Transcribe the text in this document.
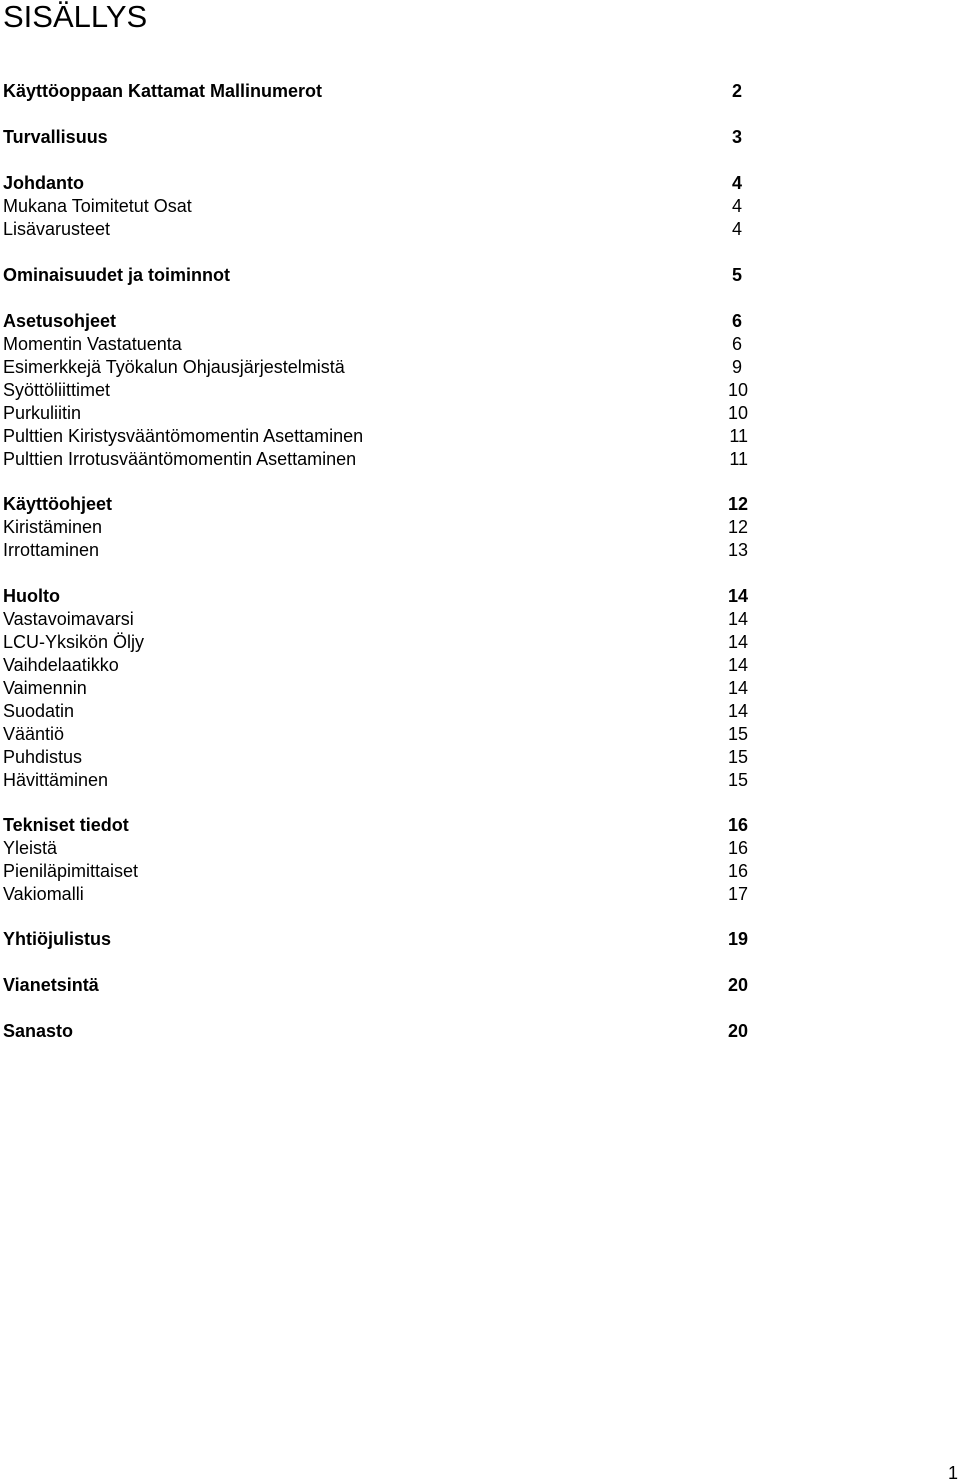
SISÄLLYS
Käyttöoppaan Kattamat Mallinumerot	2
Turvallisuus	3
Johdanto	4
Mukana Toimitetut Osat	4
Lisävarusteet	4
Ominaisuudet ja toiminnot	5
Asetusohjeet	6
Momentin Vastatuenta	6
Esimerkkejä Työkalun Ohjausjärjestelmistä	9
Syöttöliittimet	10
Purkuliitin	10
Pulttien Kiristysvääntömomentin Asettaminen	11
Pulttien Irrotusvääntömomentin Asettaminen	11
Käyttöohjeet	12
Kiristäminen	12
Irrottaminen	13
Huolto	14
Vastavoimavarsi	14
LCU-Yksikön Öljy	14
Vaihdelaatikko	14
Vaimennin	14
Suodatin	14
Vääntiö	15
Puhdistus	15
Hävittäminen	15
Tekniset tiedot	16
Yleistä	16
Pieniläpimittaiset	16
Vakiomalli	17
Yhtiöjulistus	19
Vianetsintä	20
Sanasto	20
1
